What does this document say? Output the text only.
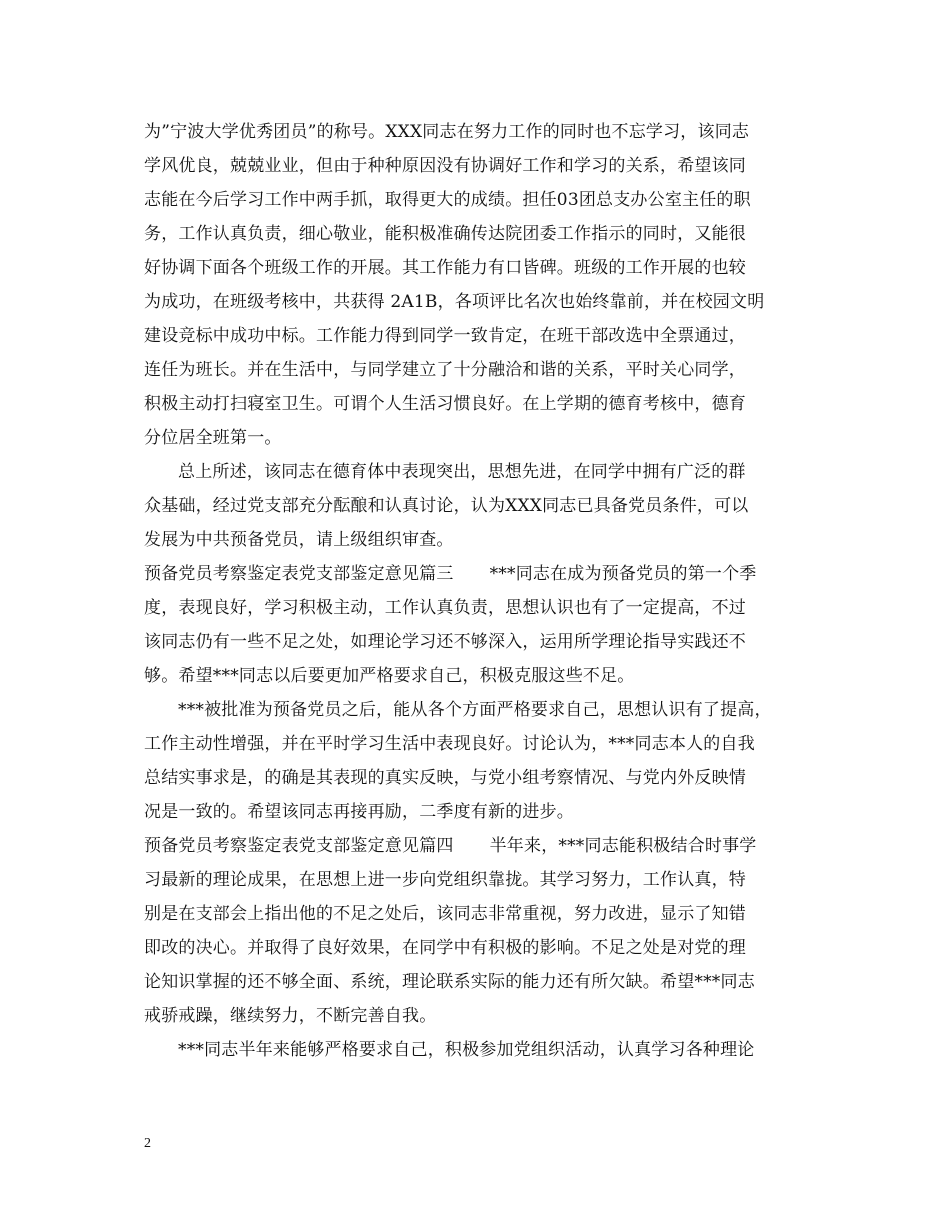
为”宁波大学优秀团员”的称号。XXX同志在努力工作的同时也不忘学习，该同志
学风优良，兢兢业业，但由于种种原因没有协调好工作和学习的关系，希望该同
志能在今后学习工作中两手抓，取得更大的成绩。担任03团总支办公室主任的职
务，工作认真负责，细心敬业，能积极准确传达院团委工作指示的同时，又能很
好协调下面各个班级工作的开展。其工作能力有口皆碑。班级的工作开展的也较
为成功，在班级考核中，共获得 2A1B，各项评比名次也始终靠前，并在校园文明
建设竞标中成功中标。工作能力得到同学一致肯定，在班干部改选中全票通过，
连任为班长。并在生活中，与同学建立了十分融洽和谐的关系，平时关心同学，
积极主动打扫寝室卫生。可谓个人生活习惯良好。在上学期的德育考核中，德育
分位居全班第一。
总上所述，该同志在德育体中表现突出，思想先进，在同学中拥有广泛的群
众基础，经过党支部充分酝酿和认真讨论，认为XXX同志已具备党员条件，可以
发展为中共预备党员，请上级组织审查。
预备党员考察鉴定表党支部鉴定意见篇三 ***同志在成为预备党员的第一个季
度，表现良好，学习积极主动，工作认真负责，思想认识也有了一定提高，不过
该同志仍有一些不足之处，如理论学习还不够深入，运用所学理论指导实践还不
够。希望***同志以后要更加严格要求自己，积极克服这些不足。
***被批准为预备党员之后，能从各个方面严格要求自己，思想认识有了提高，
工作主动性增强，并在平时学习生活中表现良好。讨论认为，***同志本人的自我
总结实事求是，的确是其表现的真实反映，与党小组考察情况、与党内外反映情
况是一致的。希望该同志再接再励，二季度有新的进步。
预备党员考察鉴定表党支部鉴定意见篇四 半年来，***同志能积极结合时事学
习最新的理论成果，在思想上进一步向党组织靠拢。其学习努力，工作认真，特
别是在支部会上指出他的不足之处后，该同志非常重视，努力改进，显示了知错
即改的决心。并取得了良好效果，在同学中有积极的影响。不足之处是对党的理
论知识掌握的还不够全面、系统，理论联系实际的能力还有所欠缺。希望***同志
戒骄戒躁，继续努力，不断完善自我。
***同志半年来能够严格要求自己，积极参加党组织活动，认真学习各种理论
2
